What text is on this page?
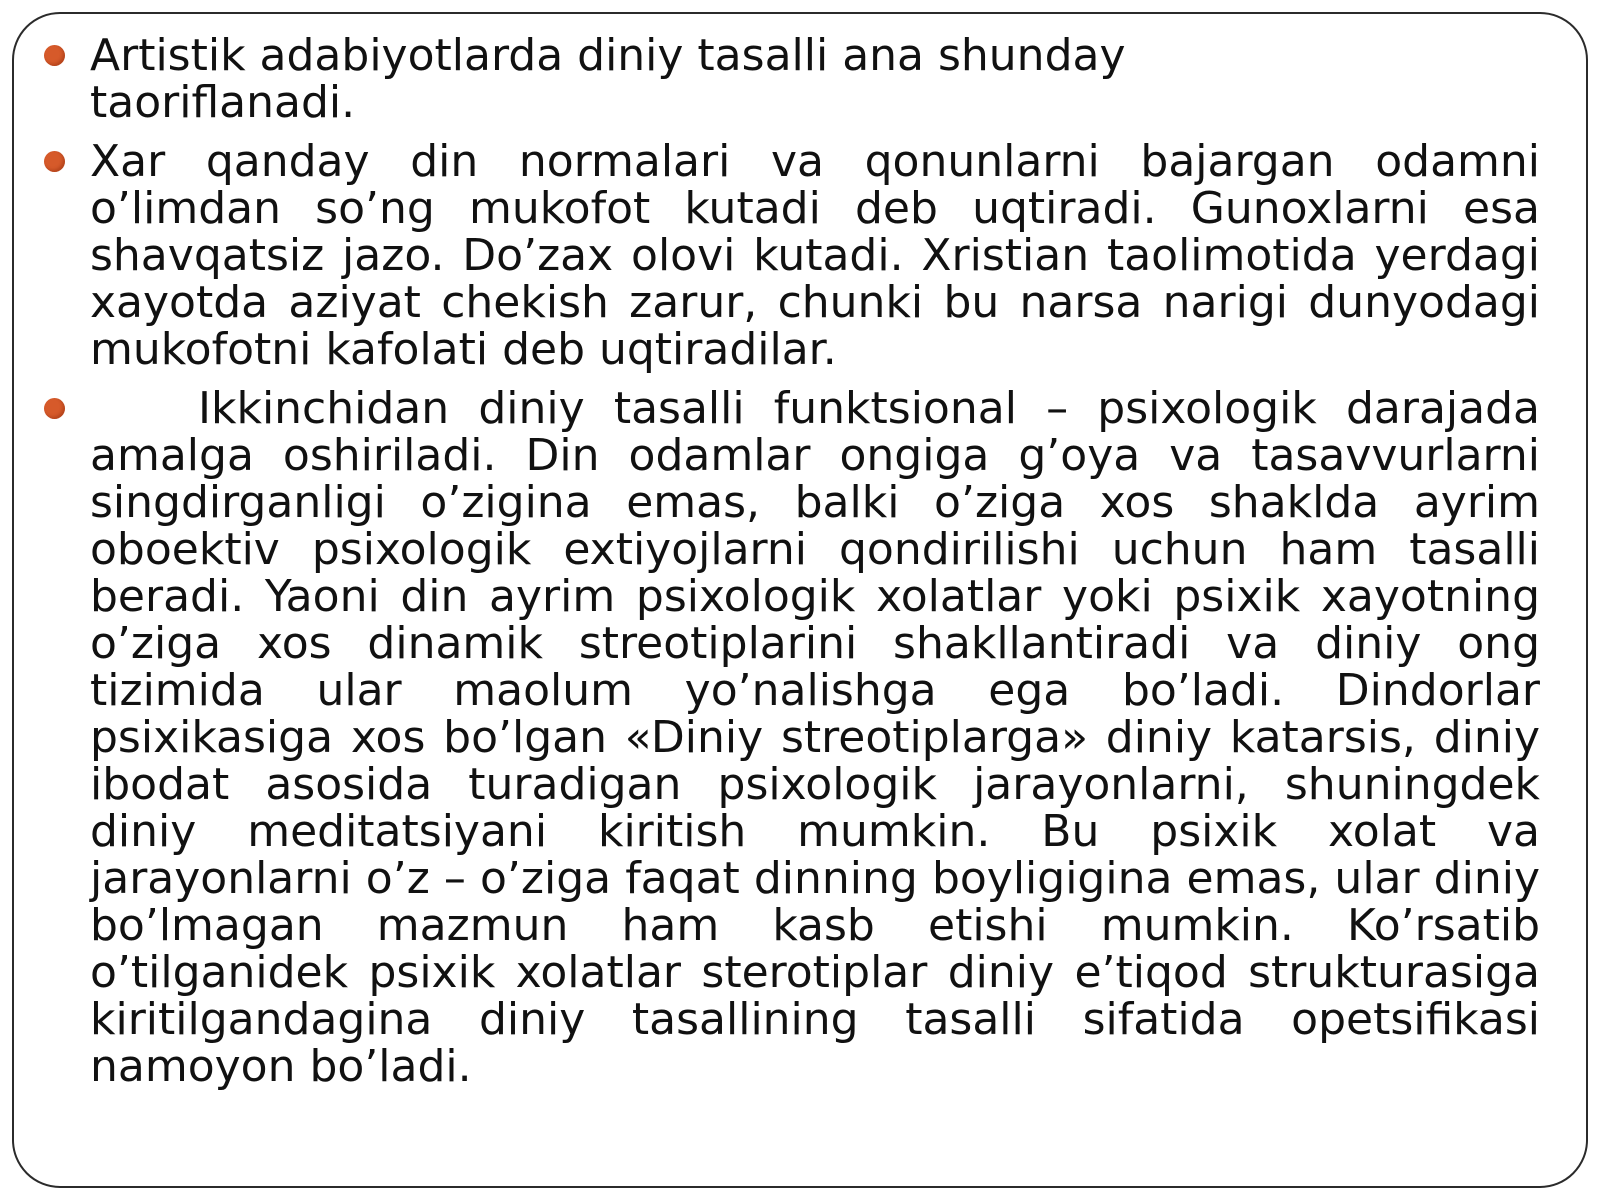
Artistik adabiyotlarda diniy tasalli ana shunday taoriflanadi.

Xar qanday din normalari va qonunlarni bajargan odamni o’limdan so’ng mukofot kutadi deb uqtiradi. Gunoxlarni esa shavqatsiz jazo. Do’zax olovi kutadi. Xristian taolimotida yerdagi xayotda aziyat chekish zarur, chunki bu narsa narigi dunyodagi mukofotni kafolati deb uqtiradilar.

Ikkinchidan diniy tasalli funktsional – psixologik darajada amalga oshiriladi. Din odamlar ongiga g’oya va tasavvurlarni singdirganligi o’zigina emas, balki o’ziga xos shaklda ayrim oboektiv psixologik extiyojlarni qondirilishi uchun ham tasalli beradi. Yaoni din ayrim psixologik xolatlar yoki psixik xayotning o’ziga xos dinamik streotiplarini shakllantiradi va diniy ong tizimida ular maolum yo’nalishga ega bo’ladi. Dindorlar psixikasiga xos bo’lgan «Diniy streotiplarga» diniy katarsis, diniy ibodat asosida turadigan psixologik jarayonlarni, shuningdek diniy meditatsiyani kiritish mumkin. Bu psixik xolat va jarayonlarni o’z – o’ziga faqat dinning boyligigina emas, ular diniy bo’lmagan mazmun ham kasb etishi mumkin. Ko’rsatib o’tilganidek psixik xolatlar sterotiplar diniy e’tiqod strukturasiga kiritilgandagina diniy tasallining tasalli sifatida opetsifikasi namoyon bo’ladi.
